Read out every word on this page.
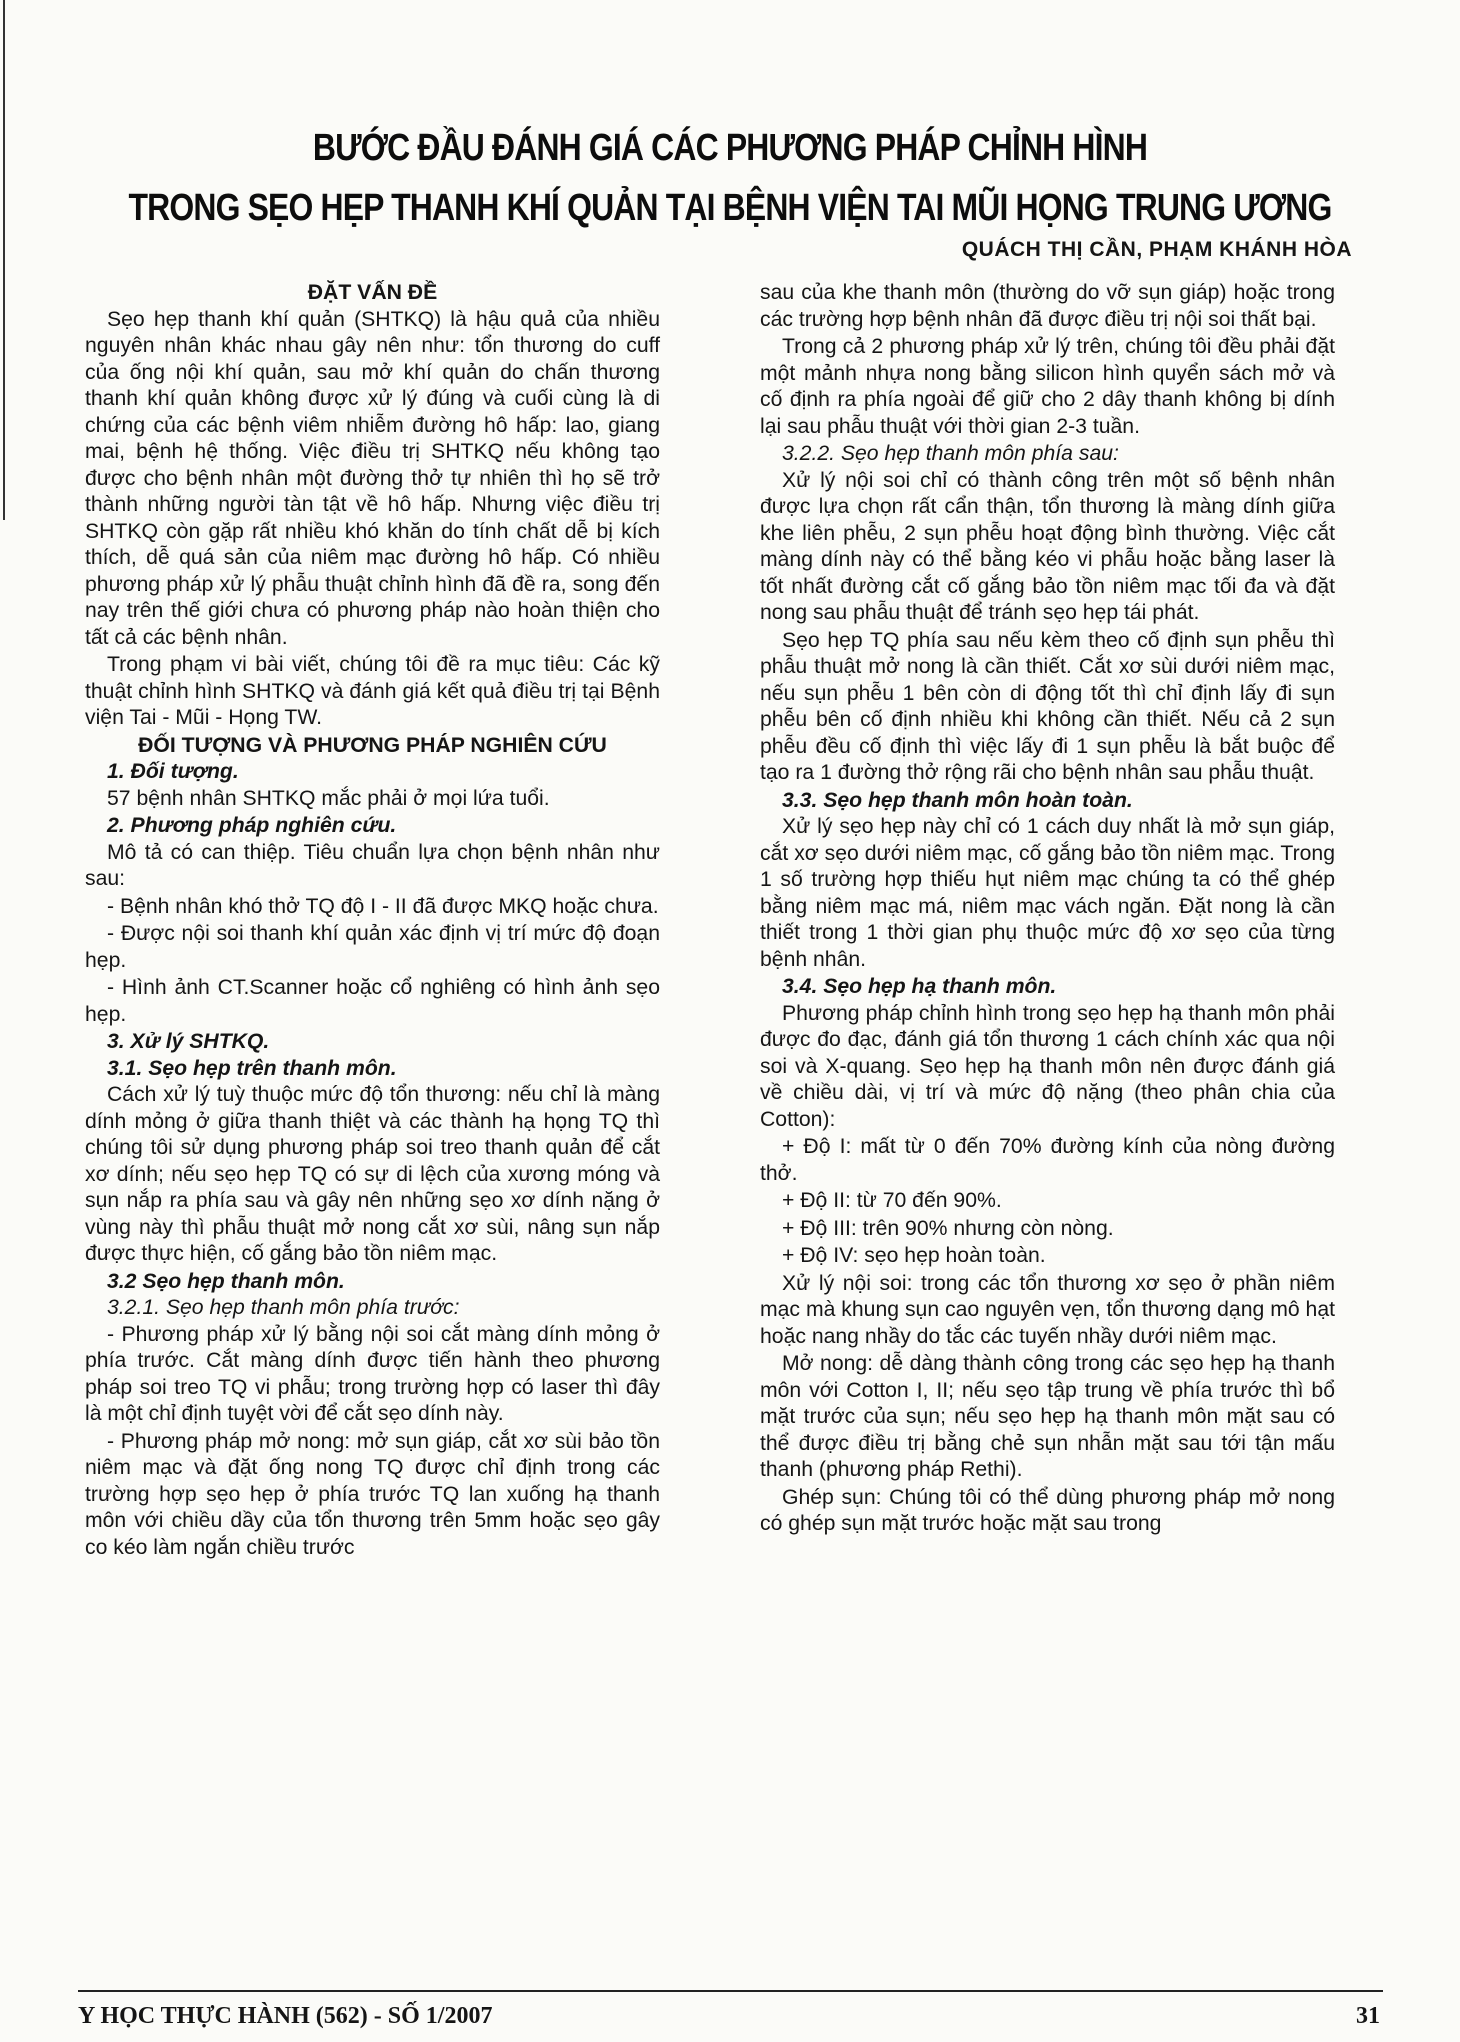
BƯỚC ĐẦU ĐÁNH GIÁ CÁC PHƯƠNG PHÁP CHỈNH HÌNH
TRONG SẸO HẸP THANH KHÍ QUẢN TẠI BỆNH VIỆN TAI MŨI HỌNG TRUNG ƯƠNG
QUÁCH THỊ CẦN, PHẠM KHÁNH HÒA

ĐẶT VẤN ĐỀ

Sẹo hẹp thanh khí quản (SHTKQ) là hậu quả của nhiều nguyên nhân khác nhau gây nên như: tổn thương do cuff của ống nội khí quản, sau mở khí quản do chấn thương thanh khí quản không được xử lý đúng và cuối cùng là di chứng của các bệnh viêm nhiễm đường hô hấp: lao, giang mai, bệnh hệ thống. Việc điều trị SHTKQ nếu không tạo được cho bệnh nhân một đường thở tự nhiên thì họ sẽ trở thành những người tàn tật về hô hấp. Nhưng việc điều trị SHTKQ còn gặp rất nhiều khó khăn do tính chất dễ bị kích thích, dễ quá sản của niêm mạc đường hô hấp. Có nhiều phương pháp xử lý phẫu thuật chỉnh hình đã đề ra, song đến nay trên thế giới chưa có phương pháp nào hoàn thiện cho tất cả các bệnh nhân.

Trong phạm vi bài viết, chúng tôi đề ra mục tiêu: Các kỹ thuật chỉnh hình SHTKQ và đánh giá kết quả điều trị tại Bệnh viện Tai - Mũi - Họng TW.

ĐỐI TƯỢNG VÀ PHƯƠNG PHÁP NGHIÊN CỨU

1. Đối tượng.

57 bệnh nhân SHTKQ mắc phải ở mọi lứa tuổi.

2. Phương pháp nghiên cứu.

Mô tả có can thiệp. Tiêu chuẩn lựa chọn bệnh nhân như sau:

- Bệnh nhân khó thở TQ độ I - II đã được MKQ hoặc chưa.

- Được nội soi thanh khí quản xác định vị trí mức độ đoạn hẹp.

- Hình ảnh CT.Scanner hoặc cổ nghiêng có hình ảnh sẹo hẹp.

3. Xử lý SHTKQ.

3.1. Sẹo hẹp trên thanh môn.

Cách xử lý tuỳ thuộc mức độ tổn thương: nếu chỉ là màng dính mỏng ở giữa thanh thiệt và các thành hạ họng TQ thì chúng tôi sử dụng phương pháp soi treo thanh quản để cắt xơ dính; nếu sẹo hẹp TQ có sự di lệch của xương móng và sụn nắp ra phía sau và gây nên những sẹo xơ dính nặng ở vùng này thì phẫu thuật mở nong cắt xơ sùi, nâng sụn nắp được thực hiện, cố gắng bảo tồn niêm mạc.

3.2 Sẹo hẹp thanh môn.

3.2.1. Sẹo hẹp thanh môn phía trước:

- Phương pháp xử lý bằng nội soi cắt màng dính mỏng ở phía trước. Cắt màng dính được tiến hành theo phương pháp soi treo TQ vi phẫu; trong trường hợp có laser thì đây là một chỉ định tuyệt vời để cắt sẹo dính này.

- Phương pháp mở nong: mở sụn giáp, cắt xơ sùi bảo tồn niêm mạc và đặt ống nong TQ được chỉ định trong các trường hợp sẹo hẹp ở phía trước TQ lan xuống hạ thanh môn với chiều dầy của tổn thương trên 5mm hoặc sẹo gây co kéo làm ngắn chiều trước

sau của khe thanh môn (thường do vỡ sụn giáp) hoặc trong các trường hợp bệnh nhân đã được điều trị nội soi thất bại.

Trong cả 2 phương pháp xử lý trên, chúng tôi đều phải đặt một mảnh nhựa nong bằng silicon hình quyển sách mở và cố định ra phía ngoài để giữ cho 2 dây thanh không bị dính lại sau phẫu thuật với thời gian 2-3 tuần.

3.2.2. Sẹo hẹp thanh môn phía sau:

Xử lý nội soi chỉ có thành công trên một số bệnh nhân được lựa chọn rất cẩn thận, tổn thương là màng dính giữa khe liên phễu, 2 sụn phễu hoạt động bình thường. Việc cắt màng dính này có thể bằng kéo vi phẫu hoặc bằng laser là tốt nhất đường cắt cố gắng bảo tồn niêm mạc tối đa và đặt nong sau phẫu thuật để tránh sẹo hẹp tái phát.

Sẹo hẹp TQ phía sau nếu kèm theo cố định sụn phễu thì phẫu thuật mở nong là cần thiết. Cắt xơ sùi dưới niêm mạc, nếu sụn phễu 1 bên còn di động tốt thì chỉ định lấy đi sụn phễu bên cố định nhiều khi không cần thiết. Nếu cả 2 sụn phễu đều cố định thì việc lấy đi 1 sụn phễu là bắt buộc để tạo ra 1 đường thở rộng rãi cho bệnh nhân sau phẫu thuật.

3.3. Sẹo hẹp thanh môn hoàn toàn.

Xử lý sẹo hẹp này chỉ có 1 cách duy nhất là mở sụn giáp, cắt xơ sẹo dưới niêm mạc, cố gắng bảo tồn niêm mạc. Trong 1 số trường hợp thiếu hụt niêm mạc chúng ta có thể ghép bằng niêm mạc má, niêm mạc vách ngăn. Đặt nong là cần thiết trong 1 thời gian phụ thuộc mức độ xơ sẹo của từng bệnh nhân.

3.4. Sẹo hẹp hạ thanh môn.

Phương pháp chỉnh hình trong sẹo hẹp hạ thanh môn phải được đo đạc, đánh giá tổn thương 1 cách chính xác qua nội soi và X-quang. Sẹo hẹp hạ thanh môn nên được đánh giá về chiều dài, vị trí và mức độ nặng (theo phân chia của Cotton):

+ Độ I: mất từ 0 đến 70% đường kính của nòng đường thở.

+ Độ II: từ 70 đến 90%.

+ Độ III: trên 90% nhưng còn nòng.

+ Độ IV: sẹo hẹp hoàn toàn.

Xử lý nội soi: trong các tổn thương xơ sẹo ở phần niêm mạc mà khung sụn cao nguyên vẹn, tổn thương dạng mô hạt hoặc nang nhầy do tắc các tuyến nhầy dưới niêm mạc.

Mở nong: dễ dàng thành công trong các sẹo hẹp hạ thanh môn với Cotton I, II; nếu sẹo tập trung về phía trước thì bổ mặt trước của sụn; nếu sẹo hẹp hạ thanh môn mặt sau có thể được điều trị bằng chẻ sụn nhẫn mặt sau tới tận mấu thanh (phương pháp Rethi).

Ghép sụn: Chúng tôi có thể dùng phương pháp mở nong có ghép sụn mặt trước hoặc mặt sau trong

Y HỌC THỰC HÀNH (562) - SỐ 1/2007	31
